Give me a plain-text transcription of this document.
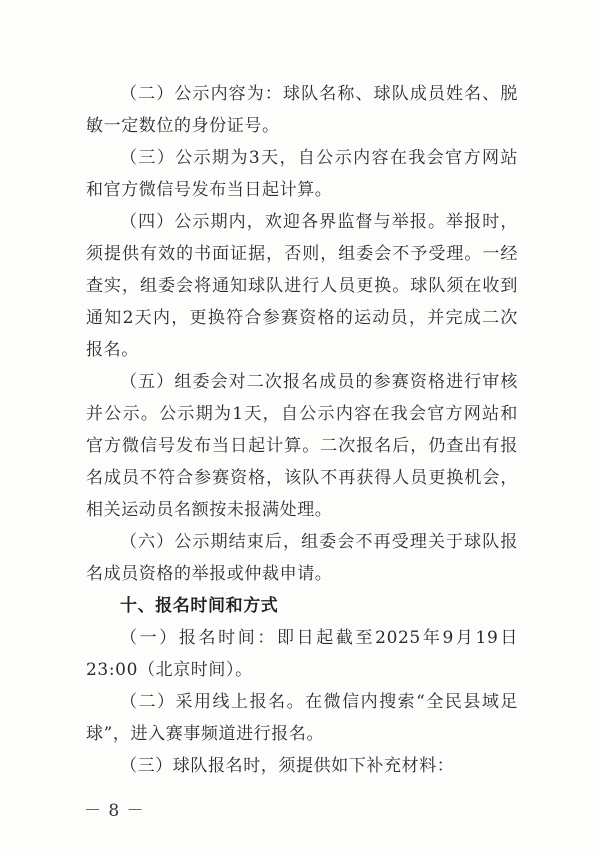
（二）公示内容为：球队名称、球队成员姓名、脱敏一定数位的身份证号。

（三）公示期为3天，自公示内容在我会官方网站和官方微信号发布当日起计算。

（四）公示期内，欢迎各界监督与举报。举报时，须提供有效的书面证据，否则，组委会不予受理。一经查实，组委会将通知球队进行人员更换。球队须在收到通知2天内，更换符合参赛资格的运动员，并完成二次报名。

（五）组委会对二次报名成员的参赛资格进行审核并公示。公示期为1天，自公示内容在我会官方网站和官方微信号发布当日起计算。二次报名后，仍查出有报名成员不符合参赛资格，该队不再获得人员更换机会，相关运动员名额按未报满处理。

（六）公示期结束后，组委会不再受理关于球队报名成员资格的举报或仲裁申请。

十、报名时间和方式

（一）报名时间：即日起截至2025年9月19日23:00（北京时间）。

（二）采用线上报名。在微信内搜索“全民县域足球”，进入赛事频道进行报名。

（三）球队报名时，须提供如下补充材料：

－ 8 －
